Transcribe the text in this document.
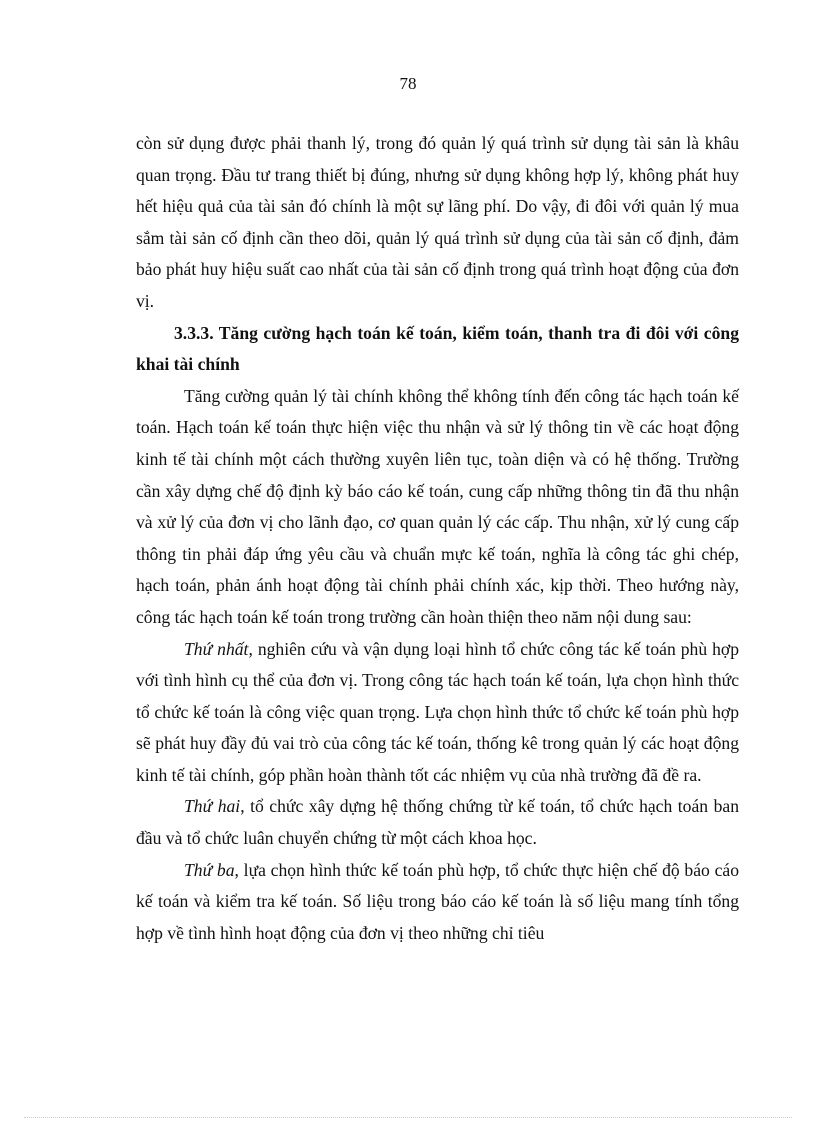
78

còn sử dụng được phải thanh lý, trong đó quản lý quá trình sử dụng tài sản là khâu quan trọng. Đầu tư trang thiết bị đúng, nhưng sử dụng không hợp lý, không phát huy hết hiệu quả của tài sản đó chính là một sự lãng phí. Do vậy, đi đôi với quản lý mua sắm tài sản cố định cần theo dõi, quản lý quá trình sử dụng của tài sản cố định, đảm bảo phát huy hiệu suất cao nhất của tài sản cố định trong quá trình hoạt động của đơn vị.

3.3.3. Tăng cường hạch toán kế toán, kiểm toán, thanh tra đi đôi với công khai tài chính

Tăng cường quản lý tài chính không thể không tính đến công tác hạch toán kế toán. Hạch toán kế toán thực hiện việc thu nhận và sử lý thông tin về các hoạt động kinh tế tài chính một cách thường xuyên liên tục, toàn diện và có hệ thống. Trường cần xây dựng chế độ định kỳ báo cáo kế toán, cung cấp những thông tin đã thu nhận và xử lý của đơn vị cho lãnh đạo, cơ quan quản lý các cấp. Thu nhận, xử lý cung cấp thông tin phải đáp ứng yêu cầu và chuẩn mực kế toán, nghĩa là công tác ghi chép, hạch toán, phản ánh hoạt động tài chính phải chính xác, kịp thời. Theo hướng này, công tác hạch toán kế toán trong trường cần hoàn thiện theo năm nội dung sau:

Thứ nhất, nghiên cứu và vận dụng loại hình tổ chức công tác kế toán phù hợp với tình hình cụ thể của đơn vị. Trong công tác hạch toán kế toán, lựa chọn hình thức tổ chức kế toán là công việc quan trọng. Lựa chọn hình thức tổ chức kế toán phù hợp sẽ phát huy đầy đủ vai trò của công tác kế toán, thống kê trong quản lý các hoạt động kinh tế tài chính, góp phần hoàn thành tốt các nhiệm vụ của nhà trường đã đề ra.

Thứ hai, tổ chức xây dựng hệ thống chứng từ kế toán, tổ chức hạch toán ban đầu và tổ chức luân chuyển chứng từ một cách khoa học.

Thứ ba, lựa chọn hình thức kế toán phù hợp, tổ chức thực hiện chế độ báo cáo kế toán và kiểm tra kế toán. Số liệu trong báo cáo kế toán là số liệu mang tính tổng hợp về tình hình hoạt động của đơn vị theo những chỉ tiêu
